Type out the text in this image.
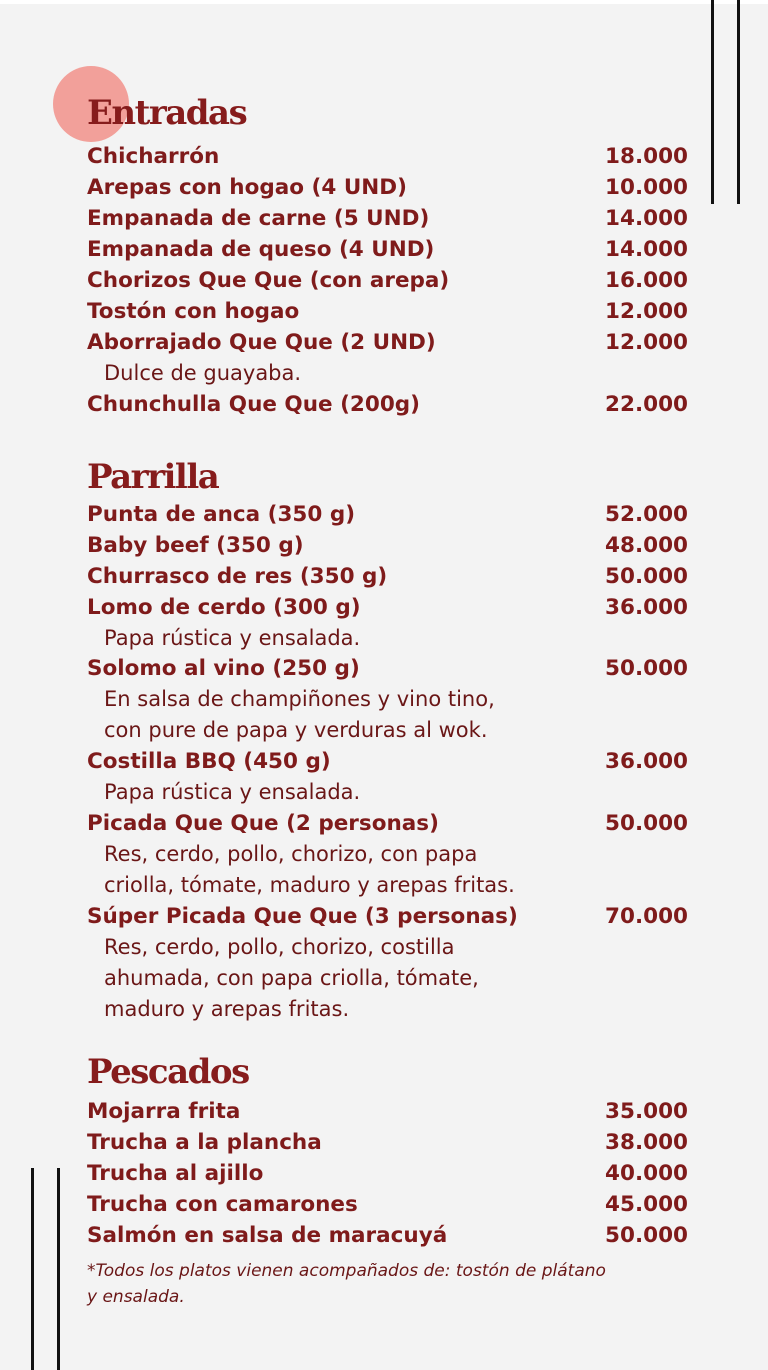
Entradas
Chicharrón	18.000
Arepas con hogao (4 UND)	10.000
Empanada de carne (5 UND)	14.000
Empanada de queso (4 UND)	14.000
Chorizos Que Que (con arepa)	16.000
Tostón con hogao	12.000
Aborrajado Que Que (2 UND)	12.000
Dulce de guayaba.
Chunchulla Que Que (200g)	22.000
Parrilla
Punta de anca (350 g)	52.000
Baby beef (350 g)	48.000
Churrasco de res (350 g)	50.000
Lomo de cerdo (300 g)	36.000
Papa rústica y ensalada.
Solomo al vino (250 g)	50.000
En salsa de champiñones y vino tino,
con pure de papa y verduras al wok.
Costilla BBQ (450 g)	36.000
Papa rústica y ensalada.
Picada Que Que (2 personas)	50.000
Res, cerdo, pollo, chorizo, con papa
criolla, tómate, maduro y arepas fritas.
Súper Picada Que Que (3 personas)	70.000
Res, cerdo, pollo, chorizo, costilla
ahumada, con papa criolla, tómate,
maduro y arepas fritas.
Pescados
Mojarra frita	35.000
Trucha a la plancha	38.000
Trucha al ajillo	40.000
Trucha con camarones	45.000
Salmón en salsa de maracuyá	50.000
*Todos los platos vienen acompañados de: tostón de plátano y ensalada.
